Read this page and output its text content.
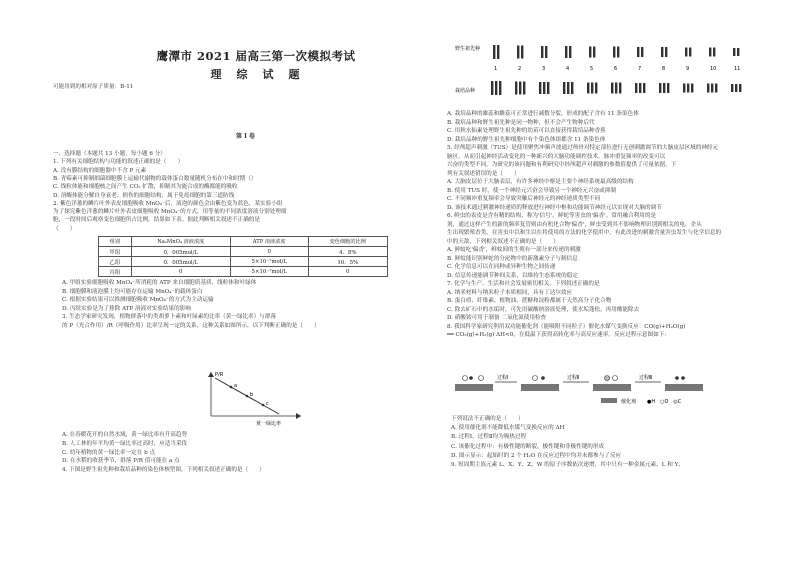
鹰潭市 2021 届高三第一次模拟考试
理　综　试　题
可能用到的相对原子质量：B-11
第 I 卷
一、选择题（本题共 13 小题，每小题 6 分）
1. 下列有关细胞结构与功能的叙述正确的是（　　）
A. 没有膜结构的细胞器中不含 P 元素
B. 青霉素可抑制细菌细胞膜上运输代谢物的载体蛋白数量随机分布在中和时期（）
C. 线粒体能和细胞核之间产生 CO₂ 扩散，抑制其为能合成的酶都能的吸收
D. 溶酶体能分解自身衰老、损伤的细胞结构，属于免疫细胞的第三道防线
2. 紫色洋葱的鳞片叶外表皮细胞吸收 MnO₄⁻后，液泡的颜色会由紫色变为蓝色，某实验小组
为了探究紫色洋葱的鳞片叶外表皮细胞吸收 MnO₄⁻的方式，用等量的不同浓度溶液分别处理细
胞，一段时间后观察变色细胞所占比例，结果如下表。据此判断相关叙述不正确的是
（　　）
组别	Na₂MnO₄ 溶液浓度	ATP 溶液浓度	变色细胞的比例
甲组	0．005mol/L	0	4．8%
乙组	0．005mol/L	5×10⁻⁷mol/L	10．5%
丙组	0	5×10⁻⁷mol/L	0
A. 甲组实验细胞吸收 MnO₄⁻所消耗的 ATP 来自细胞质基质、线粒体和叶绿体
B. 细胞膜和液泡膜上均可能存在运输 MnO₄⁻的载体蛋白
C. 根据实验结果可以推测细胞吸收 MnO₄⁻的方式为主动运输
D. 丙组实验是为了排除 ATP 溶液对实验结果的影响
3. 生态学家研究发现，植物群落中的类胡萝卜素和叶绿素的比率（黄一绿比率）与群落
的 P（光合作用）/R（呼吸作用）比率呈现一定的关系，这种关系如图所示，以下判断正确的是（　　）
P/R
a
b
c
黄一绿比率
A. 在春暖花开的自然水域，黄一绿比率有升高趋势
B. 人工林的年平均黄一绿比率过高时，应适当采伐
C. 幼年植物的黄一绿比率一定在 b 点
D. 在水稻的收获季节，群落 P/R 值可能在 a 点
4. 下图是野生祖先种和栽培品种的染色体核型图，下列相关叙述正确的是（　　）
野生祖先种
栽培品种
1	2	3	4	5	6	7	8	9	10	11
A. 栽培品种的雄蕊和雌蕊可正常进行减数分裂，形成的配子含有 11 条染色体
B. 栽培品种和野生祖先种是同一物种，但不会产生物种后代
C. 用秋水仙素处理野生祖先种的幼苗可以直接获得栽培品种香蕉
D. 栽培品种的野生祖先种细胞中有个染色体组都含 11 条染色体
5. 经颅超声刺激（TUS）是使用聚焦冲频声波通过颅骨对特定部位进行无创刺激调节的大脑皮层区域的神经元
脑区，从而引起神经活动变化的一种新兴的大脑功能调控技术。脉冲重复频率的改变可以
兴奋的类型不同，为研究的该问题和有利研究中经颅超声对刺激的参数值提供了可量依据。下
列有关叙述错误的是（　　）
A. 大脑皮层位于大脑表层，有许多神经中枢是主要个神经系统最高级的结构
B. 使用 TUS 时，使一个神经元兴奋会导致另一个神经元兴奋或抑制
C. 不同频冲重复频率会导致突触后神经元的神经递质类型不同
D. 该技术通过刺激神经递质的释放进行神经中枢和功能调节神经元以实现对大脑的调节
6. 鲜虫的表皮是含有精的结构，称为'信号'。鲜蛇等害虫的'偏香'。常用融合利用的是
剂，通过这样产生的新的频率复管则由有机化合物'偏香'，鲜虫受到其不影响物理识别到相关的电，企从
生出现繁殖香类，在害虫中以和生以在将使用的方法的化学使用中，有此改进的刺激含量害虫发生与化学信息的
中的天敌，下列相关叙述不正确的是（　　）
A. 鲜蚊吃'偏香'，鲜蚊间的生殖有一部分来传递的刺激
B. 鲜蚊能识别鲜蛇的分泌物中的新激素分子与制信息
C. 化学信息可以在同种或异种生物之间传递
D. 信息传递能调节种间关系，以维持生态系统的稳定
7. 化学与生产、生活和社会发展密切相关，下列叙述正确的是
A. 纳米材料与纳米粒子本质相同，具有丁达尔效应
B. 蛋白质、纤维素、植物油、蔗糖和淀粉都属于天然高分子化合物
C. 除去矿石中的水垢时，可先用碳酸钠溶液处理，使水垢蓬松，再用酸能除去
D. 硝酸铵可用于制备 二氧化氮使用检查
8. 我国科学家研究利用双功能催化剂（能吸附不同粒子）催化水煤气变换反应：CO(g)+H₂O(g)
══ CO₂(g)+H₂(g) ΔH<0，在低温下获得高转化率与高反应速率。反应过程示意图如下：
过程Ⅰ	过程Ⅱ	过程Ⅲ
催化剂 ●H　○O　◎C
下列说法不正确的是（　　）
A. 使用催化剂不能降低水煤气变换反应的 ΔH
B. 过程Ⅰ、过程Ⅱ均为吸热过程
C. 该催化过程中：有极性键的断裂，极性键和非极性键的形成
D. 图示显示：起始时的 2 个 H₂O 在反应过程中均并未都参与了反应
9. 短周期主族元素 L、X、Y、Z、W 的原子序数依次递增，其中只有一种金属元素，L 和 Y、
